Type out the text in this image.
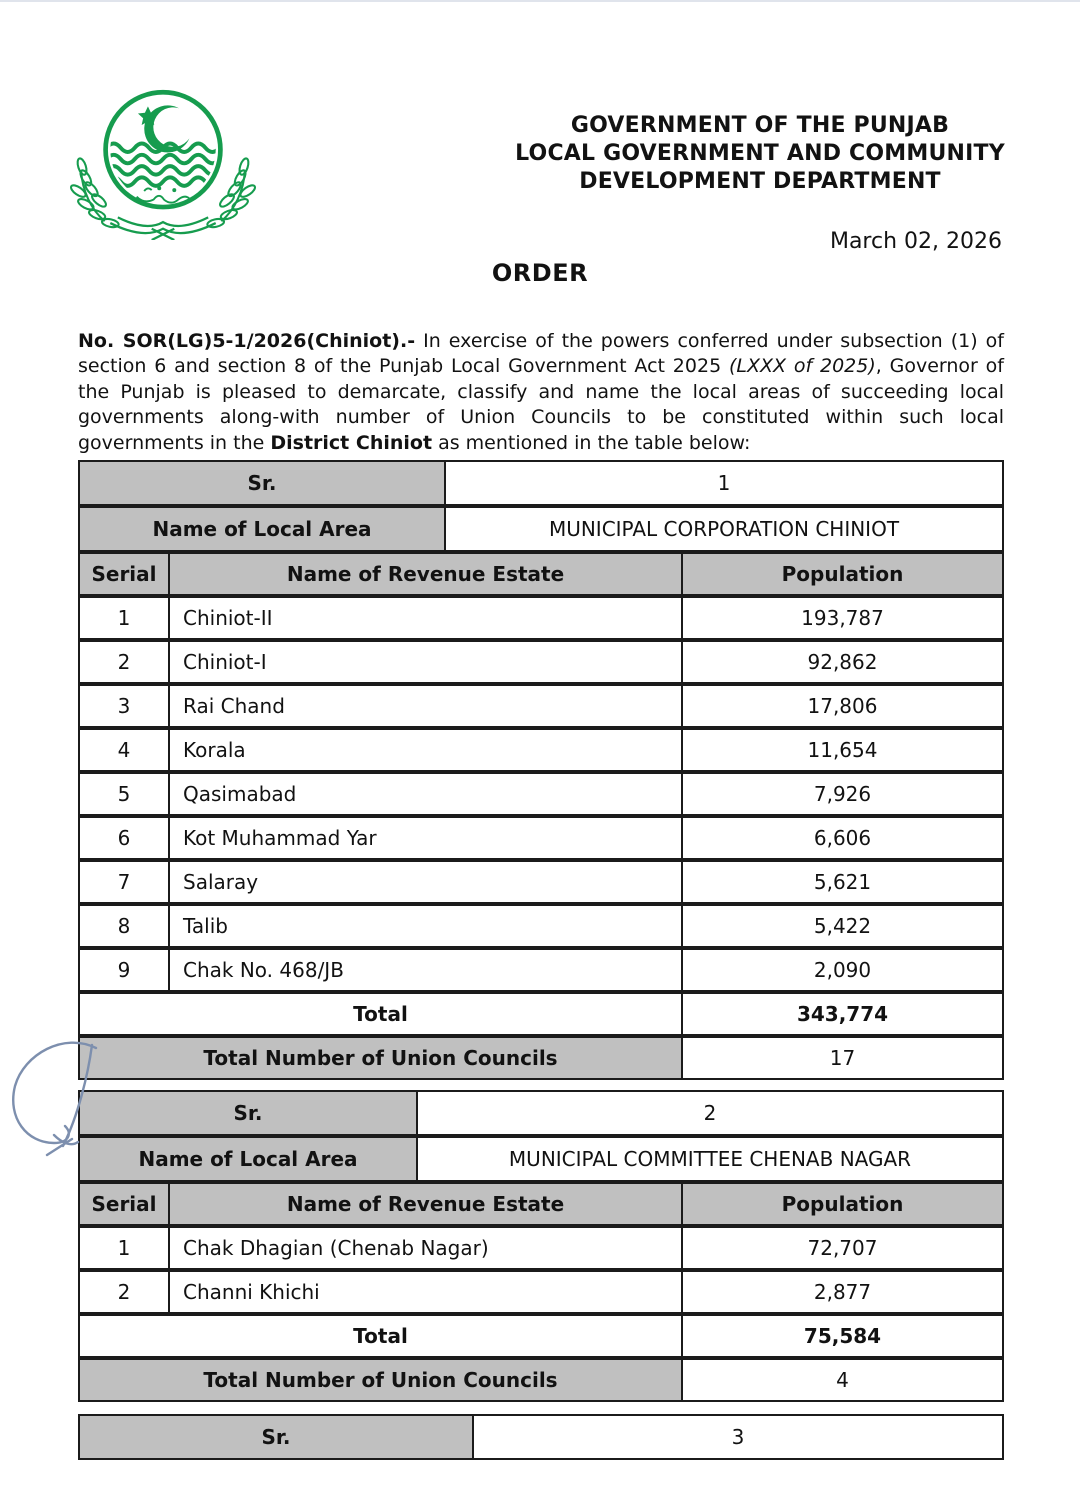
GOVERNMENT OF THE PUNJAB
LOCAL GOVERNMENT AND COMMUNITY
DEVELOPMENT DEPARTMENT
March 02, 2026
ORDER

No. SOR(LG)5-1/2026(Chiniot).- In exercise of the powers conferred under subsection (1) of section 6 and section 8 of the Punjab Local Government Act 2025 (LXXX of 2025), Governor of the Punjab is pleased to demarcate, classify and name the local areas of succeeding local governments along-with number of Union Councils to be constituted within such local governments in the District Chiniot as mentioned in the table below:

Sr.	1
Name of Local Area	MUNICIPAL CORPORATION CHINIOT
Serial	Name of Revenue Estate	Population
1	Chiniot-II	193,787
2	Chiniot-I	92,862
3	Rai Chand	17,806
4	Korala	11,654
5	Qasimabad	7,926
6	Kot Muhammad Yar	6,606
7	Salaray	5,621
8	Talib	5,422
9	Chak No. 468/JB	2,090
Total	343,774
Total Number of Union Councils	17
Sr.	2
Name of Local Area	MUNICIPAL COMMITTEE CHENAB NAGAR
Serial	Name of Revenue Estate	Population
1	Chak Dhagian (Chenab Nagar)	72,707
2	Channi Khichi	2,877
Total	75,584
Total Number of Union Councils	4
Sr.	3
